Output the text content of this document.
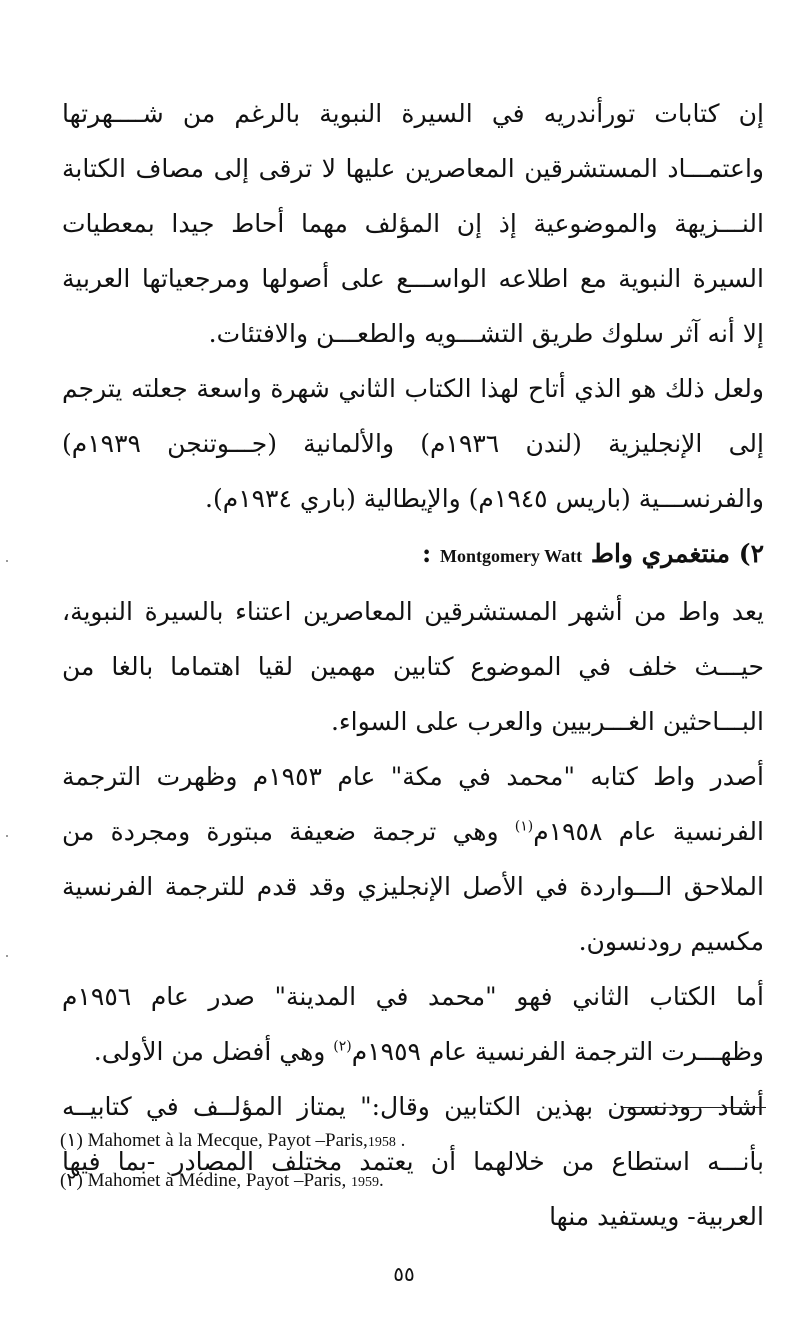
إن كتابات تورأندريه في السيرة النبوية بالرغم من شــــهرتها واعتمـــاد المستشرقين المعاصرين عليها لا ترقى إلى مصاف الكتابة النـــزيهة والموضوعية إذ إن المؤلف مهما أحاط جيدا بمعطيات السيرة النبوية مع اطلاعه الواســـع على أصولها ومرجعياتها العربية إلا أنه آثر سلوك طريق التشـــويه والطعـــن والافتئات.

ولعل ذلك هو الذي أتاح لهذا الكتاب الثاني شهرة واسعة جعلته يترجم إلى الإنجليزية (لندن ١٩٣٦م) والألمانية (جـــوتنجن ١٩٣٩م) والفرنســـية (باريس ١٩٤٥م) والإيطالية (باري ١٩٣٤م).

٢) منتغمري واط Montgomery Watt :

يعد واط من أشهر المستشرقين المعاصرين اعتناء بالسيرة النبوية، حيـــث خلف في الموضوع كتابين مهمين لقيا اهتماما بالغا من البـــاحثين الغـــربيين والعرب على السواء.

أصدر واط كتابه "محمد في مكة" عام ١٩٥٣م وظهرت الترجمة الفرنسية عام ١٩٥٨م$^{(١)}$ وهي ترجمة ضعيفة مبتورة ومجردة من الملاحق الـــواردة في الأصل الإنجليزي وقد قدم للترجمة الفرنسية مكسيم رودنسون.

أما الكتاب الثاني فهو "محمد في المدينة" صدر عام ١٩٥٦م وظهـــرت الترجمة الفرنسية عام ١٩٥٩م$^{(٢)}$ وهي أفضل من الأولى.

أشاد رودنسون بهذين الكتابين وقال:" يمتاز المؤلــف في كتابيــه بأنـــه استطاع من خلالهما أن يعتمد مختلف المصادر -بما فيها العربية- ويستفيد منها

(١) Mahomet à la Mecque, Payot –Paris,1958 .

(٢) Mahomet à Médine, Payot –Paris, 1959.

٥٥
